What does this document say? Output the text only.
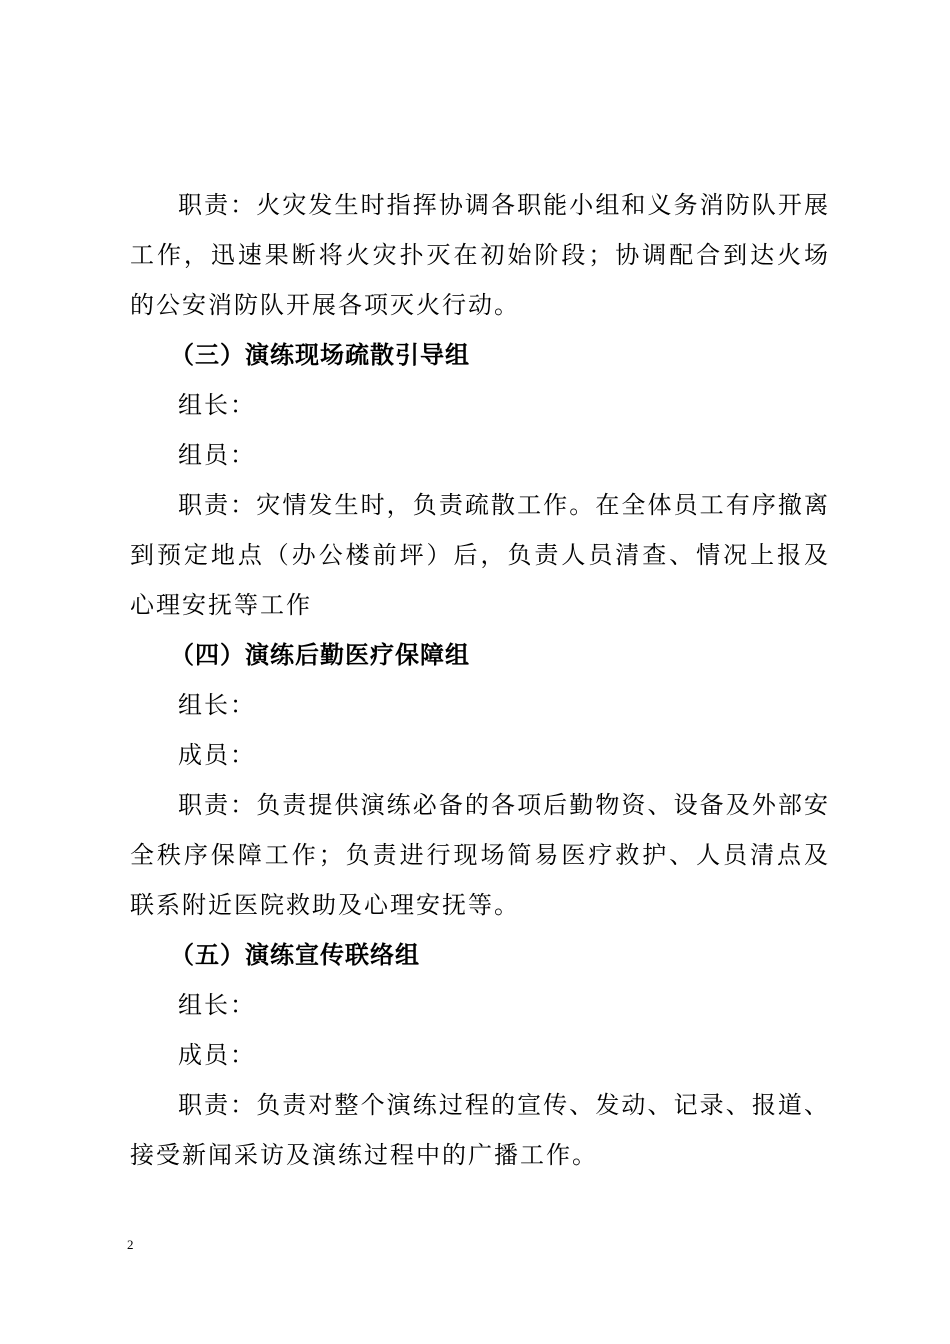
职责：火灾发生时指挥协调各职能小组和义务消防队开展工作，迅速果断将火灾扑灭在初始阶段；协调配合到达火场的公安消防队开展各项灭火行动。

（三）演练现场疏散引导组

组长：

组员：

职责：灾情发生时，负责疏散工作。在全体员工有序撤离到预定地点（办公楼前坪）后，负责人员清查、情况上报及心理安抚等工作

（四）演练后勤医疗保障组

组长：

成员：

职责：负责提供演练必备的各项后勤物资、设备及外部安全秩序保障工作；负责进行现场简易医疗救护、人员清点及联系附近医院救助及心理安抚等。

（五）演练宣传联络组

组长：

成员：

职责：负责对整个演练过程的宣传、发动、记录、报道、接受新闻采访及演练过程中的广播工作。

2
